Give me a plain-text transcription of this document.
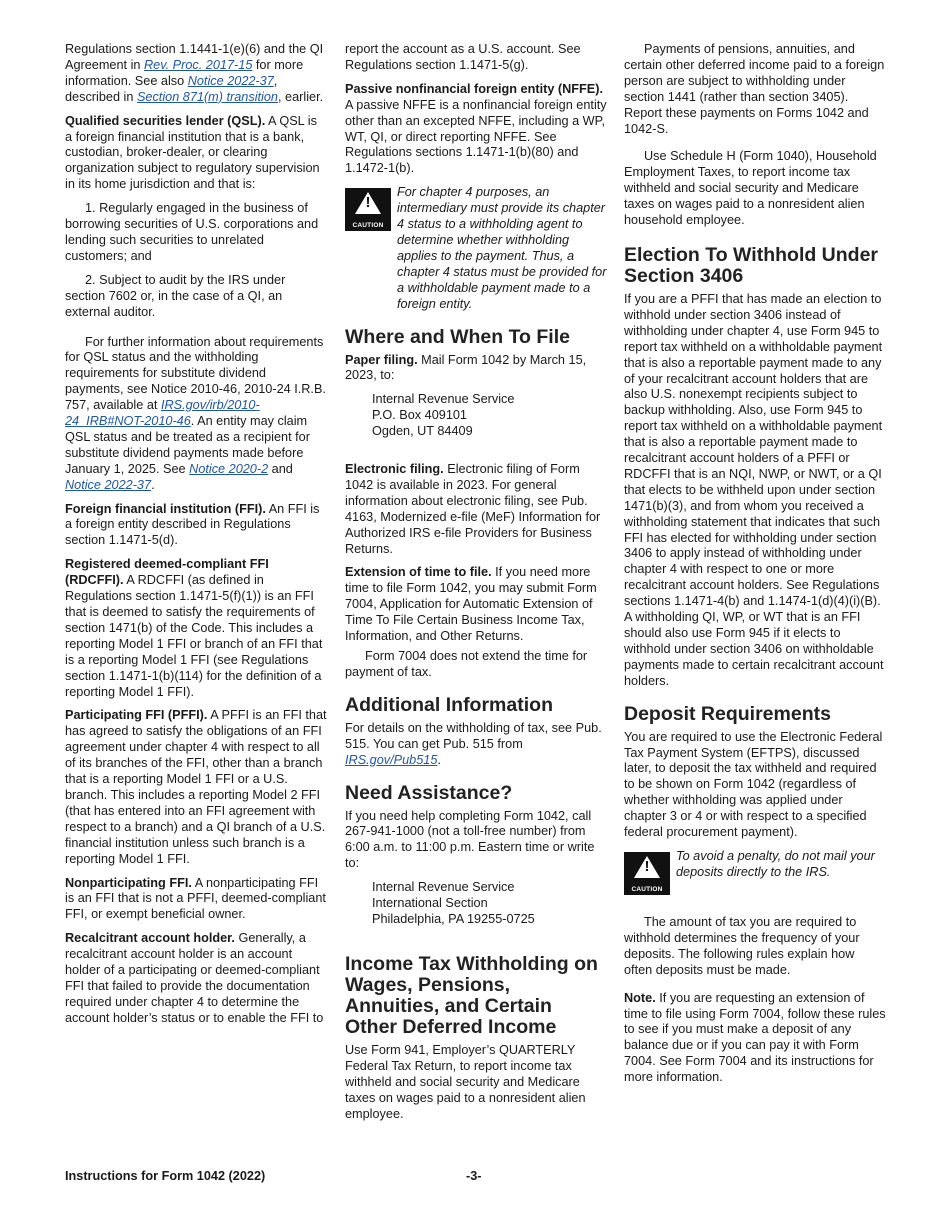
Regulations section 1.1441-1(e)(6) and the QI Agreement in Rev. Proc. 2017-15 for more information. See also Notice 2022-37, described in Section 871(m) transition, earlier.

Qualified securities lender (QSL). A QSL is a foreign financial institution that is a bank, custodian, broker-dealer, or clearing organization subject to regulatory supervision in its home jurisdiction and that is:

1. Regularly engaged in the business of borrowing securities of U.S. corporations and lending such securities to unrelated customers; and

2. Subject to audit by the IRS under section 7602 or, in the case of a QI, an external auditor.

For further information about requirements for QSL status and the withholding requirements for substitute dividend payments, see Notice 2010-46, 2010-24 I.R.B. 757, available at IRS.gov/irb/2010-24_IRB#NOT-2010-46. An entity may claim QSL status and be treated as a recipient for substitute dividend payments made before January 1, 2025. See Notice 2020-2 and Notice 2022-37.

Foreign financial institution (FFI). An FFI is a foreign entity described in Regulations section 1.1471-5(d).

Registered deemed-compliant FFI (RDCFFI). A RDCFFI (as defined in Regulations section 1.1471-5(f)(1)) is an FFI that is deemed to satisfy the requirements of section 1471(b) of the Code. This includes a reporting Model 1 FFI or branch of an FFI that is a reporting Model 1 FFI (see Regulations section 1.1471-1(b)(114) for the definition of a reporting Model 1 FFI).

Participating FFI (PFFI). A PFFI is an FFI that has agreed to satisfy the obligations of an FFI agreement under chapter 4 with respect to all of its branches of the FFI, other than a branch that is a reporting Model 1 FFI or a U.S. branch. This includes a reporting Model 2 FFI (that has entered into an FFI agreement with respect to a branch) and a QI branch of a U.S. financial institution unless such branch is a reporting Model 1 FFI.

Nonparticipating FFI. A nonparticipating FFI is an FFI that is not a PFFI, deemed-compliant FFI, or exempt beneficial owner.

Recalcitrant account holder. Generally, a recalcitrant account holder is an account holder of a participating or deemed-compliant FFI that failed to provide the documentation required under chapter 4 to determine the account holder’s status or to enable the FFI to

report the account as a U.S. account. See Regulations section 1.1471-5(g).

Passive nonfinancial foreign entity (NFFE). A passive NFFE is a nonfinancial foreign entity other than an excepted NFFE, including a WP, WT, QI, or direct reporting NFFE. See Regulations sections 1.1471-1(b)(80) and 1.1472-1(b).

!
CAUTION
For chapter 4 purposes, an intermediary must provide its chapter 4 status to a withholding agent to determine whether withholding applies to the payment. Thus, a chapter 4 status must be provided for a withholdable payment made to a foreign entity.
Where and When To File

Paper filing. Mail Form 1042 by March 15, 2023, to:

Internal Revenue Service
P.O. Box 409101
Ogden, UT 84409

Electronic filing. Electronic filing of Form 1042 is available in 2023. For general information about electronic filing, see Pub. 4163, Modernized e-file (MeF) Information for Authorized IRS e-file Providers for Business Returns.

Extension of time to file. If you need more time to file Form 1042, you may submit Form 7004, Application for Automatic Extension of Time To File Certain Business Income Tax, Information, and Other Returns.

Form 7004 does not extend the time for payment of tax.

Additional Information

For details on the withholding of tax, see Pub. 515. You can get Pub. 515 from IRS.gov/Pub515.

Need Assistance?

If you need help completing Form 1042, call 267-941-1000 (not a toll-free number) from 6:00 a.m. to 11:00 p.m. Eastern time or write to:

Internal Revenue Service
International Section
Philadelphia, PA 19255-0725
Income Tax Withholding on Wages, Pensions, Annuities, and Certain Other Deferred Income

Use Form 941, Employer’s QUARTERLY Federal Tax Return, to report income tax withheld and social security and Medicare taxes on wages paid to a nonresident alien employee.

Payments of pensions, annuities, and certain other deferred income paid to a foreign person are subject to withholding under section 1441 (rather than section 3405). Report these payments on Forms 1042 and 1042-S.

Use Schedule H (Form 1040), Household Employment Taxes, to report income tax withheld and social security and Medicare taxes on wages paid to a nonresident alien household employee.

Election To Withhold Under Section 3406

If you are a PFFI that has made an election to withhold under section 3406 instead of withholding under chapter 4, use Form 945 to report tax withheld on a withholdable payment that is also a reportable payment made to any of your recalcitrant account holders that are also U.S. nonexempt recipients subject to backup withholding. Also, use Form 945 to report tax withheld on a withholdable payment that is also a reportable payment made to recalcitrant account holders of a PFFI or RDCFFI that is an NQI, NWP, or NWT, or a QI that elects to be withheld upon under section 1471(b)(3), and from whom you received a withholding statement that indicates that such FFI has elected for withholding under section 3406 to apply instead of withholding under chapter 4 with respect to one or more recalcitrant account holders. See Regulations sections 1.1471-4(b) and 1.1474-1(d)(4)(i)(B). A withholding QI, WP, or WT that is an FFI should also use Form 945 if it elects to withhold under section 3406 on withholdable payments made to certain recalcitrant account holders.

Deposit Requirements

You are required to use the Electronic Federal Tax Payment System (EFTPS), discussed later, to deposit the tax withheld and required to be shown on Form 1042 (regardless of whether withholding was applied under chapter 3 or 4 or with respect to a specified federal procurement payment).

!
CAUTION
To avoid a penalty, do not mail your deposits directly to the IRS.

The amount of tax you are required to withhold determines the frequency of your deposits. The following rules explain how often deposits must be made.

Note. If you are requesting an extension of time to file using Form 7004, follow these rules to see if you must make a deposit of any balance due or if you can pay it with Form 7004. See Form 7004 and its instructions for more information.

Instructions for Form 1042 (2022)	-3-
